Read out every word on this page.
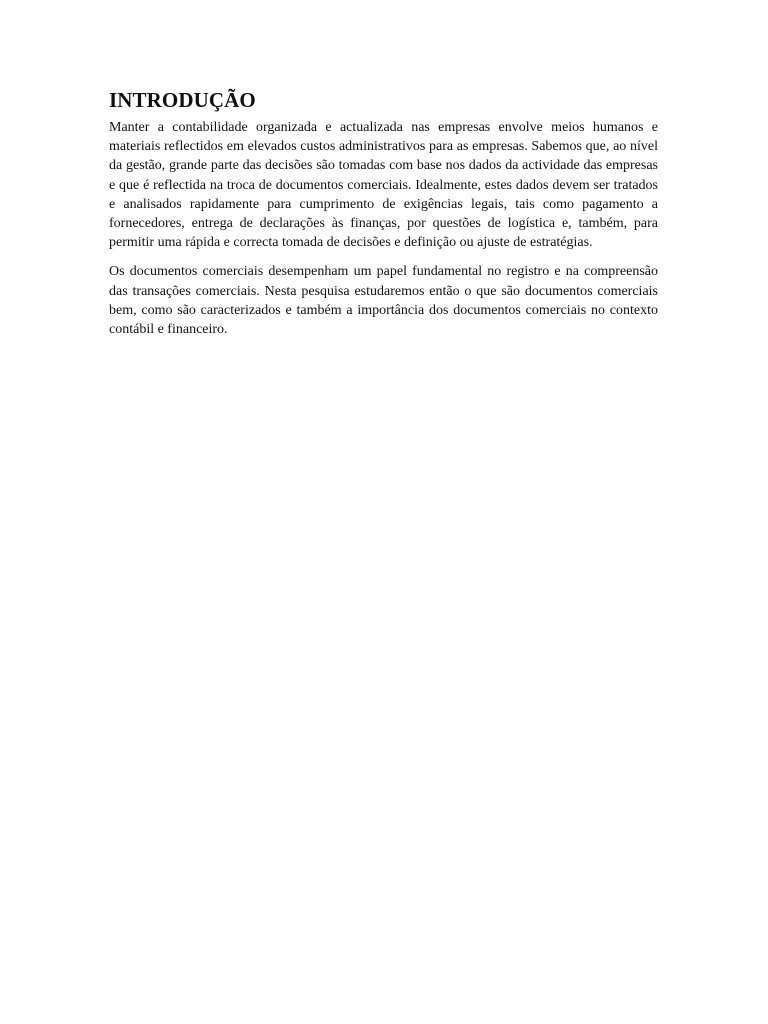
INTRODUÇÃO

Manter a contabilidade organizada e actualizada nas empresas envolve meios humanos e materiais reflectidos em elevados custos administrativos para as empresas. Sabemos que, ao nível da gestão, grande parte das decisões são tomadas com base nos dados da actividade das empresas e que é reflectida na troca de documentos comerciais. Idealmente, estes dados devem ser tratados e analisados rapidamente para cumprimento de exigências legais, tais como pagamento a fornecedores, entrega de declarações às finanças, por questões de logística e, também, para permitir uma rápida e correcta tomada de decisões e definição ou ajuste de estratégias.

Os documentos comerciais desempenham um papel fundamental no registro e na compreensão das transações comerciais. Nesta pesquisa estudaremos então o que são documentos comerciais bem, como são caracterizados e também a importância dos documentos comerciais no contexto contábil e financeiro.
